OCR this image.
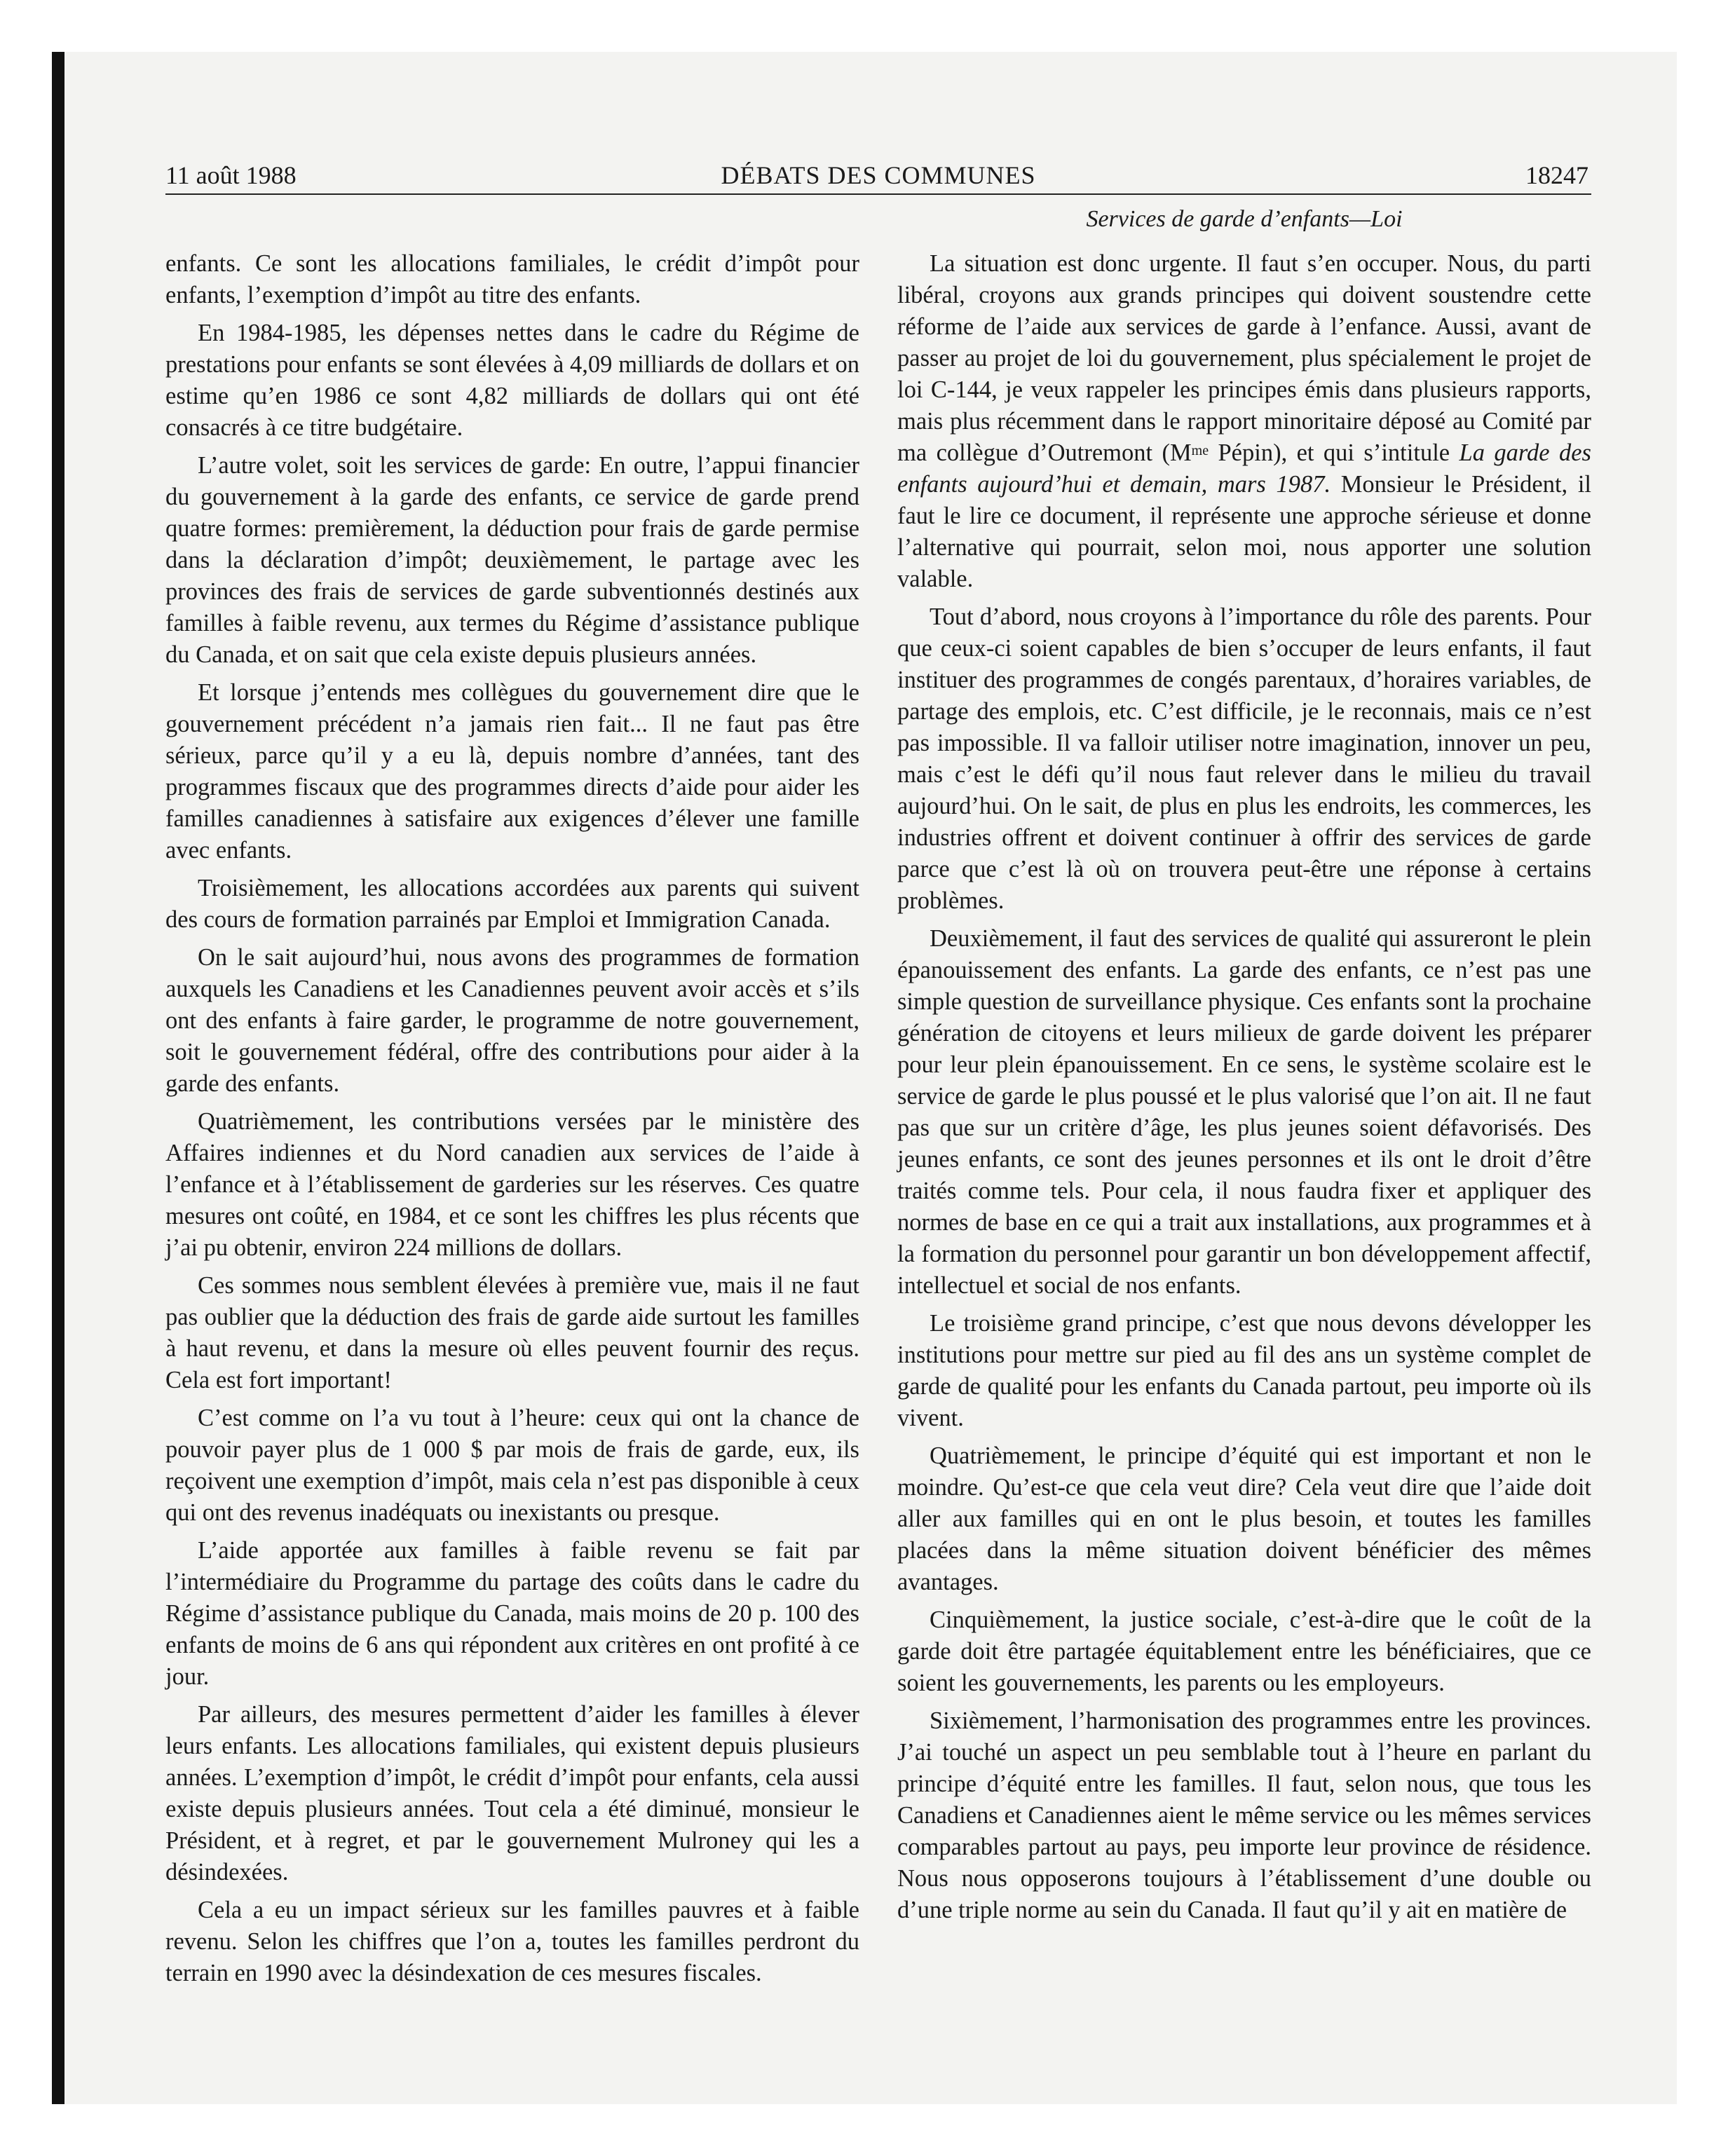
11 août 1988	DÉBATS DES COMMUNES	18247
Services de garde d’enfants—Loi

enfants. Ce sont les allocations familiales, le crédit d’impôt pour enfants, l’exemption d’impôt au titre des enfants.

En 1984-1985, les dépenses nettes dans le cadre du Régime de prestations pour enfants se sont élevées à 4,09 milliards de dollars et on estime qu’en 1986 ce sont 4,82 milliards de dollars qui ont été consacrés à ce titre budgétaire.

L’autre volet, soit les services de garde: En outre, l’appui financier du gouvernement à la garde des enfants, ce service de garde prend quatre formes: premièrement, la déduction pour frais de garde permise dans la déclaration d’impôt; deuxièmement, le partage avec les provinces des frais de services de garde subventionnés destinés aux familles à faible revenu, aux termes du Régime d’assistance publique du Canada, et on sait que cela existe depuis plusieurs années.

Et lorsque j’entends mes collègues du gouvernement dire que le gouvernement précédent n’a jamais rien fait... Il ne faut pas être sérieux, parce qu’il y a eu là, depuis nombre d’années, tant des programmes fiscaux que des programmes directs d’aide pour aider les familles canadiennes à satisfaire aux exigences d’élever une famille avec enfants.

Troisièmement, les allocations accordées aux parents qui suivent des cours de formation parrainés par Emploi et Immigration Canada.

On le sait aujourd’hui, nous avons des programmes de formation auxquels les Canadiens et les Canadiennes peuvent avoir accès et s’ils ont des enfants à faire garder, le programme de notre gouvernement, soit le gouvernement fédéral, offre des contributions pour aider à la garde des enfants.

Quatrièmement, les contributions versées par le ministère des Affaires indiennes et du Nord canadien aux services de l’aide à l’enfance et à l’établissement de garderies sur les réserves. Ces quatre mesures ont coûté, en 1984, et ce sont les chiffres les plus récents que j’ai pu obtenir, environ 224 millions de dollars.

Ces sommes nous semblent élevées à première vue, mais il ne faut pas oublier que la déduction des frais de garde aide surtout les familles à haut revenu, et dans la mesure où elles peuvent fournir des reçus. Cela est fort important!

C’est comme on l’a vu tout à l’heure: ceux qui ont la chance de pouvoir payer plus de 1 000 $ par mois de frais de garde, eux, ils reçoivent une exemption d’impôt, mais cela n’est pas disponible à ceux qui ont des revenus inadéquats ou inexistants ou presque.

L’aide apportée aux familles à faible revenu se fait par l’intermédiaire du Programme du partage des coûts dans le cadre du Régime d’assistance publique du Canada, mais moins de 20 p. 100 des enfants de moins de 6 ans qui répondent aux critères en ont profité à ce jour.

Par ailleurs, des mesures permettent d’aider les familles à élever leurs enfants. Les allocations familiales, qui existent depuis plusieurs années. L’exemption d’impôt, le crédit d’impôt pour enfants, cela aussi existe depuis plusieurs années. Tout cela a été diminué, monsieur le Président, et à regret, et par le gouvernement Mulroney qui les a désindexées.

Cela a eu un impact sérieux sur les familles pauvres et à faible revenu. Selon les chiffres que l’on a, toutes les familles perdront du terrain en 1990 avec la désindexation de ces mesures fiscales.

La situation est donc urgente. Il faut s’en occuper. Nous, du parti libéral, croyons aux grands principes qui doivent soustendre cette réforme de l’aide aux services de garde à l’enfance. Aussi, avant de passer au projet de loi du gouvernement, plus spécialement le projet de loi C-144, je veux rappeler les principes émis dans plusieurs rapports, mais plus récemment dans le rapport minoritaire déposé au Comité par ma collègue d’Outremont ($M^{me}$ Pépin), et qui s’intitule La garde des enfants aujourd’hui et demain, mars 1987. Monsieur le Président, il faut le lire ce document, il représente une approche sérieuse et donne l’alternative qui pourrait, selon moi, nous apporter une solution valable.

Tout d’abord, nous croyons à l’importance du rôle des parents. Pour que ceux-ci soient capables de bien s’occuper de leurs enfants, il faut instituer des programmes de congés parentaux, d’horaires variables, de partage des emplois, etc. C’est difficile, je le reconnais, mais ce n’est pas impossible. Il va falloir utiliser notre imagination, innover un peu, mais c’est le défi qu’il nous faut relever dans le milieu du travail aujourd’hui. On le sait, de plus en plus les endroits, les commerces, les industries offrent et doivent continuer à offrir des services de garde parce que c’est là où on trouvera peut-être une réponse à certains problèmes.

Deuxièmement, il faut des services de qualité qui assureront le plein épanouissement des enfants. La garde des enfants, ce n’est pas une simple question de surveillance physique. Ces enfants sont la prochaine génération de citoyens et leurs milieux de garde doivent les préparer pour leur plein épanouissement. En ce sens, le système scolaire est le service de garde le plus poussé et le plus valorisé que l’on ait. Il ne faut pas que sur un critère d’âge, les plus jeunes soient défavorisés. Des jeunes enfants, ce sont des jeunes personnes et ils ont le droit d’être traités comme tels. Pour cela, il nous faudra fixer et appliquer des normes de base en ce qui a trait aux installations, aux programmes et à la formation du personnel pour garantir un bon développement affectif, intellectuel et social de nos enfants.

Le troisième grand principe, c’est que nous devons développer les institutions pour mettre sur pied au fil des ans un système complet de garde de qualité pour les enfants du Canada partout, peu importe où ils vivent.

Quatrièmement, le principe d’équité qui est important et non le moindre. Qu’est-ce que cela veut dire? Cela veut dire que l’aide doit aller aux familles qui en ont le plus besoin, et toutes les familles placées dans la même situation doivent bénéficier des mêmes avantages.

Cinquièmement, la justice sociale, c’est-à-dire que le coût de la garde doit être partagée équitablement entre les bénéficiaires, que ce soient les gouvernements, les parents ou les employeurs.

Sixièmement, l’harmonisation des programmes entre les provinces. J’ai touché un aspect un peu semblable tout à l’heure en parlant du principe d’équité entre les familles. Il faut, selon nous, que tous les Canadiens et Canadiennes aient le même service ou les mêmes services comparables partout au pays, peu importe leur province de résidence. Nous nous opposerons toujours à l’établissement d’une double ou d’une triple norme au sein du Canada. Il faut qu’il y ait en matière de
